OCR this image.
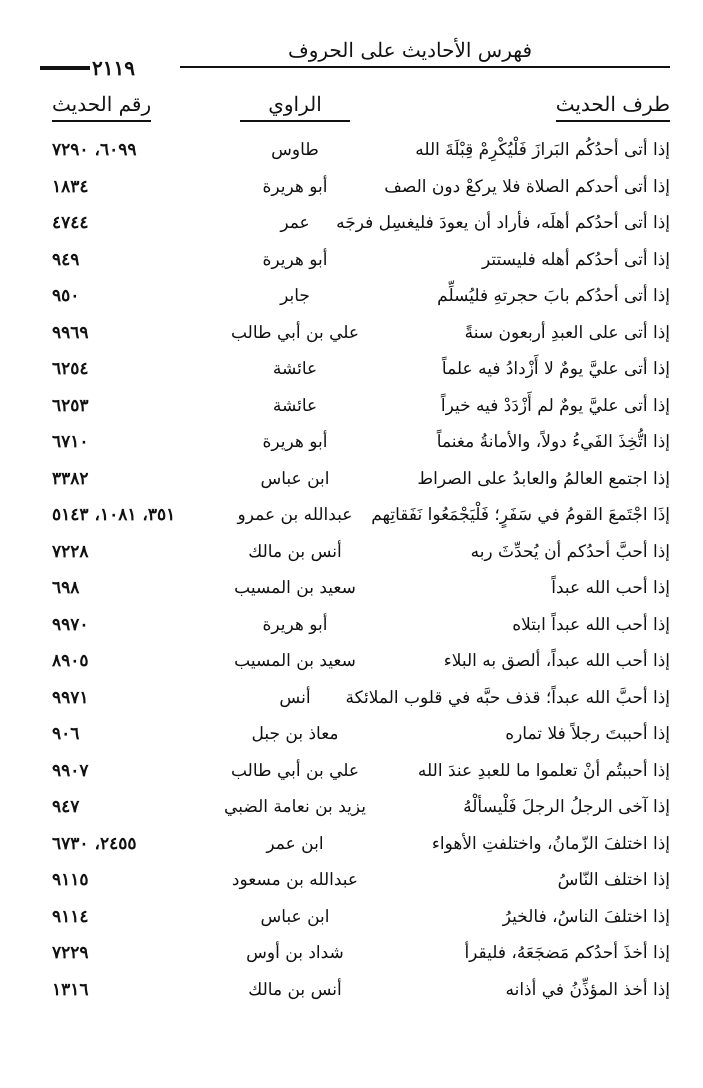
فهرس الأحاديث على الحروف
٢١١٩
طرف الحديث
الراوي
رقم الحديث
إذا أتى أحدُكُم البَرازَ فَلْيُكْرِمْ قِبْلَةَ الله
طاوس
٦٠٩٩، ٧٢٩٠
إذا أتى أحدكم الصلاة فلا يركعْ دون الصف
أبو هريرة
١٨٣٤
إذا أتى أحدُكم أهلَه، فأراد أن يعودَ فليغسِل فرجَه
عمر
٤٧٤٤
إذا أتى أحدُكم أهله فليستتر
أبو هريرة
٩٤٩
إذا أتى أحدُكم بابَ حجرتهِ فليُسلِّم
جابر
٩٥٠
إذا أتى على العبدِ أربعون سنةً
علي بن أبي طالب
٩٩٦٩
إذا أتى عليَّ يومٌ لا أَزْدادُ فيه علماً
عائشة
٦٢٥٤
إذا أتى عليَّ يومٌ لم أَزْدَدْ فيه خيراً
عائشة
٦٢٥٣
إذا اتُّخِذَ الفَيءُ دولاً، والأمانةُ مغنماً
أبو هريرة
٦٧١٠
إذا اجتمع العالمُ والعابدُ على الصراط
ابن عباس
٣٣٨٢
إذَا اجْتَمعَ القومُ في سَفَرٍ؛ فَلْيَجْمَعُوا نَفَقاتِهم
عبدالله بن عمرو
٣٥١، ١٠٨١، ٥١٤٣
إذا أحبَّ أحدُكم أن يُحدِّثَ ربه
أنس بن مالك
٧٢٢٨
إذا أحب الله عبداً
سعيد بن المسيب
٦٩٨
إذا أحب الله عبداً ابتلاه
أبو هريرة
٩٩٧٠
إذا أحب الله عبداً، ألصق به البلاء
سعيد بن المسيب
٨٩٠٥
إذا أحبَّ الله عبداً؛ قذف حبَّه في قلوب الملائكة
أنس
٩٩٧١
إذا أحببتَ رجلاً فلا تماره
معاذ بن جبل
٩٠٦
إذا أحببتُم أنْ تعلموا ما للعبدِ عندَ الله
علي بن أبي طالب
٩٩٠٧
إذا آخى الرجلُ الرجلَ فَلْيسألْهُ
يزيد بن نعامة الضبي
٩٤٧
إذا اختلفَ الزّمانُ، واختلفتِ الأهواء
ابن عمر
٢٤٥٥، ٦٧٣٠
إذا اختلف النّاسُ
عبدالله بن مسعود
٩١١٥
إذا اختلفَ الناسُ، فالخيرُ
ابن عباس
٩١١٤
إذا أخذَ أحدُكم مَضجَعَهُ، فليقرأ
شداد بن أوس
٧٢٢٩
إذا أخذ المؤذِّنُ في أذانه
أنس بن مالك
١٣١٦
